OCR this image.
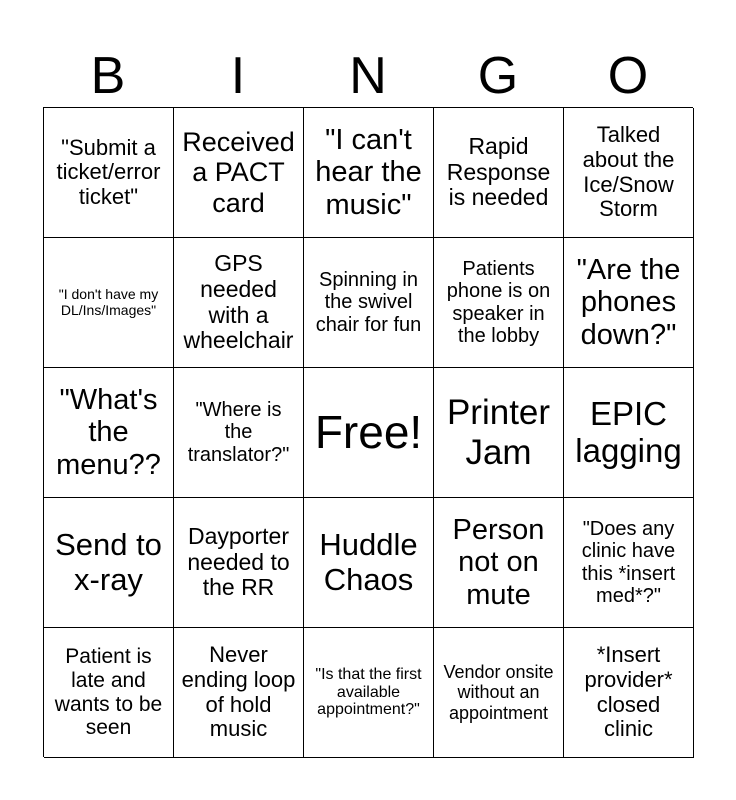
B	I	N	G	O
"Submit a ticket/error ticket"
Received a PACT card
"I can't hear the music"
Rapid Response is needed
Talked about the Ice/Snow Storm
"I don't have my DL/Ins/Images"
GPS needed with a wheelchair
Spinning in the swivel chair for fun
Patients phone is on speaker in the lobby
"Are the phones down?"
"What's the menu??
"Where is the translator?" Free! Printer Jam
EPIC lagging
Send to x-ray
Dayporter needed to the RR
Huddle Chaos
Person not on mute
"Does any clinic have this *insert med*?"
Patient is late and wants to be seen
Never ending loop of hold music
"Is that the first available appointment?"
Vendor onsite without an appointment
*Insert provider* closed clinic
